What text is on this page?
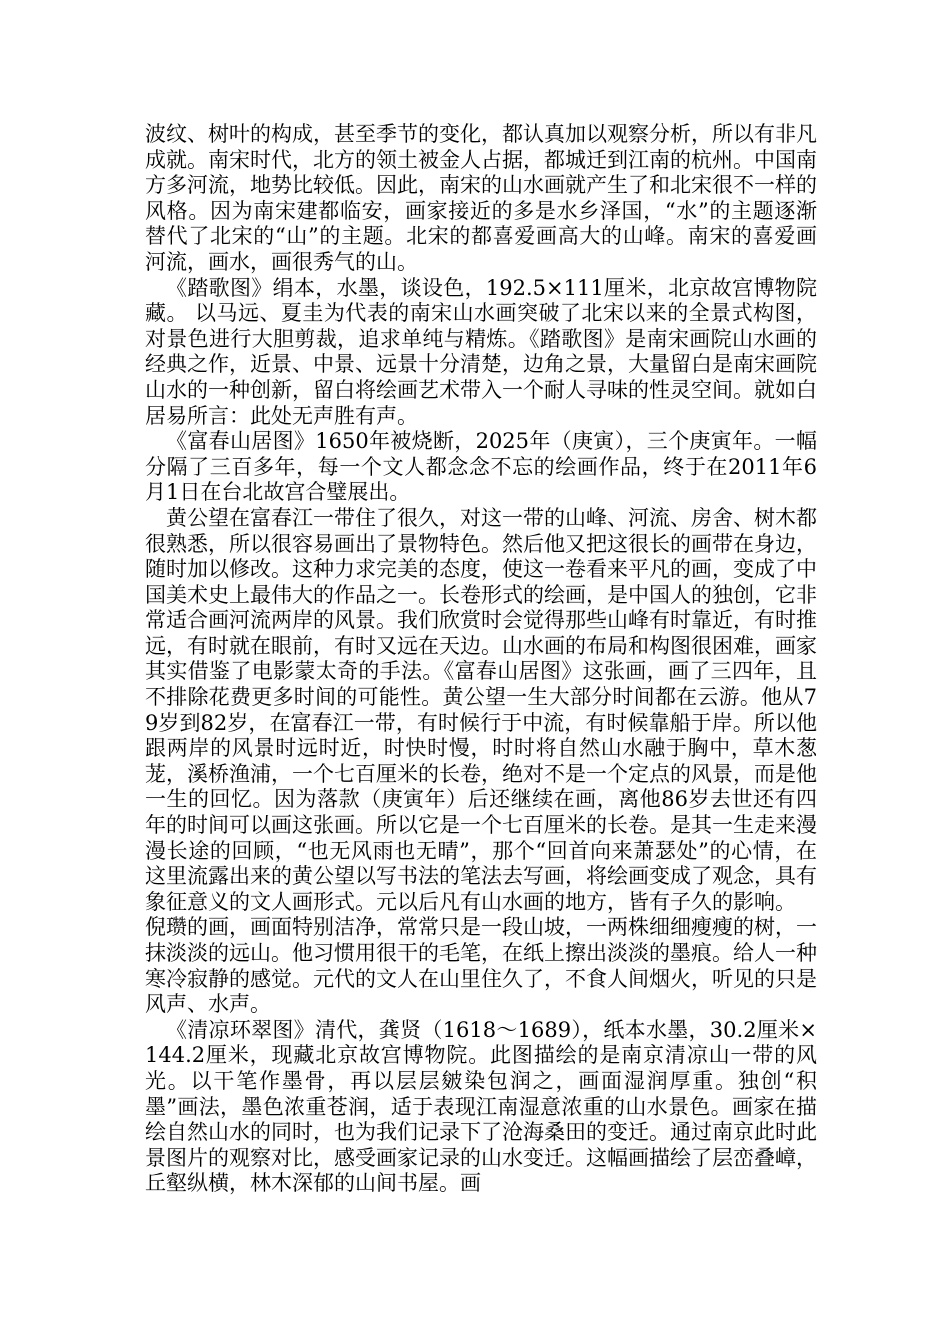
波纹、树叶的构成，甚至季节的变化，都认真加以观察分析，所以有非凡成就。南宋时代，北方的领土被金人占据，都城迁到江南的杭州。中国南方多河流，地势比较低。因此，南宋的山水画就产生了和北宋很不一样的风格。因为南宋建都临安，画家接近的多是水乡泽国，“水”的主题逐渐替代了北宋的“山”的主题。北宋的都喜爱画高大的山峰。南宋的喜爱画河流，画水，画很秀气的山。

《踏歌图》绢本，水墨，谈设色，192.5×111厘米，北京故宫博物院藏。 以马远、夏圭为代表的南宋山水画突破了北宋以来的全景式构图，对景色进行大胆剪裁，追求单纯与精炼。《踏歌图》是南宋画院山水画的经典之作，近景、中景、远景十分清楚，边角之景，大量留白是南宋画院山水的一种创新，留白将绘画艺术带入一个耐人寻味的性灵空间。就如白居易所言：此处无声胜有声。

《富春山居图》1650年被烧断，2025年（庚寅），三个庚寅年。一幅分隔了三百多年，每一个文人都念念不忘的绘画作品，终于在2011年6月1日在台北故宫合璧展出。

黄公望在富春江一带住了很久，对这一带的山峰、河流、房舍、树木都很熟悉，所以很容易画出了景物特色。然后他又把这很长的画带在身边，随时加以修改。这种力求完美的态度，使这一卷看来平凡的画，变成了中国美术史上最伟大的作品之一。长卷形式的绘画，是中国人的独创，它非常适合画河流两岸的风景。我们欣赏时会觉得那些山峰有时靠近，有时推远，有时就在眼前，有时又远在天边。山水画的布局和构图很困难，画家其实借鉴了电影蒙太奇的手法。《富春山居图》这张画，画了三四年，且不排除花费更多时间的可能性。黄公望一生大部分时间都在云游。他从79岁到82岁，在富春江一带，有时候行于中流，有时候靠船于岸。所以他跟两岸的风景时远时近，时快时慢，时时将自然山水融于胸中，草木葱茏，溪桥渔浦，一个七百厘米的长卷，绝对不是一个定点的风景，而是他一生的回忆。因为落款（庚寅年）后还继续在画，离他86岁去世还有四年的时间可以画这张画。所以它是一个七百厘米的长卷。是其一生走来漫漫长途的回顾，“也无风雨也无晴”，那个“回首向来萧瑟处”的心情，在这里流露出来的黄公望以写书法的笔法去写画，将绘画变成了观念，具有象征意义的文人画形式。元以后凡有山水画的地方，皆有子久的影响。

倪瓒的画，画面特别洁净，常常只是一段山坡，一两株细细瘦瘦的树，一抹淡淡的远山。他习惯用很干的毛笔，在纸上擦出淡淡的墨痕。给人一种寒冷寂静的感觉。元代的文人在山里住久了，不食人间烟火，听见的只是风声、水声。

《清凉环翠图》清代，龚贤（1618～1689），纸本水墨，30.2厘米×144.2厘米，现藏北京故宫博物院。此图描绘的是南京清凉山一带的风光。以干笔作墨骨，再以层层皴染包润之，画面湿润厚重。独创“积墨”画法，墨色浓重苍润，适于表现江南湿意浓重的山水景色。画家在描绘自然山水的同时，也为我们记录下了沧海桑田的变迁。通过南京此时此景图片的观察对比，感受画家记录的山水变迁。这幅画描绘了层峦叠嶂，丘壑纵横，林木深郁的山间书屋。画
